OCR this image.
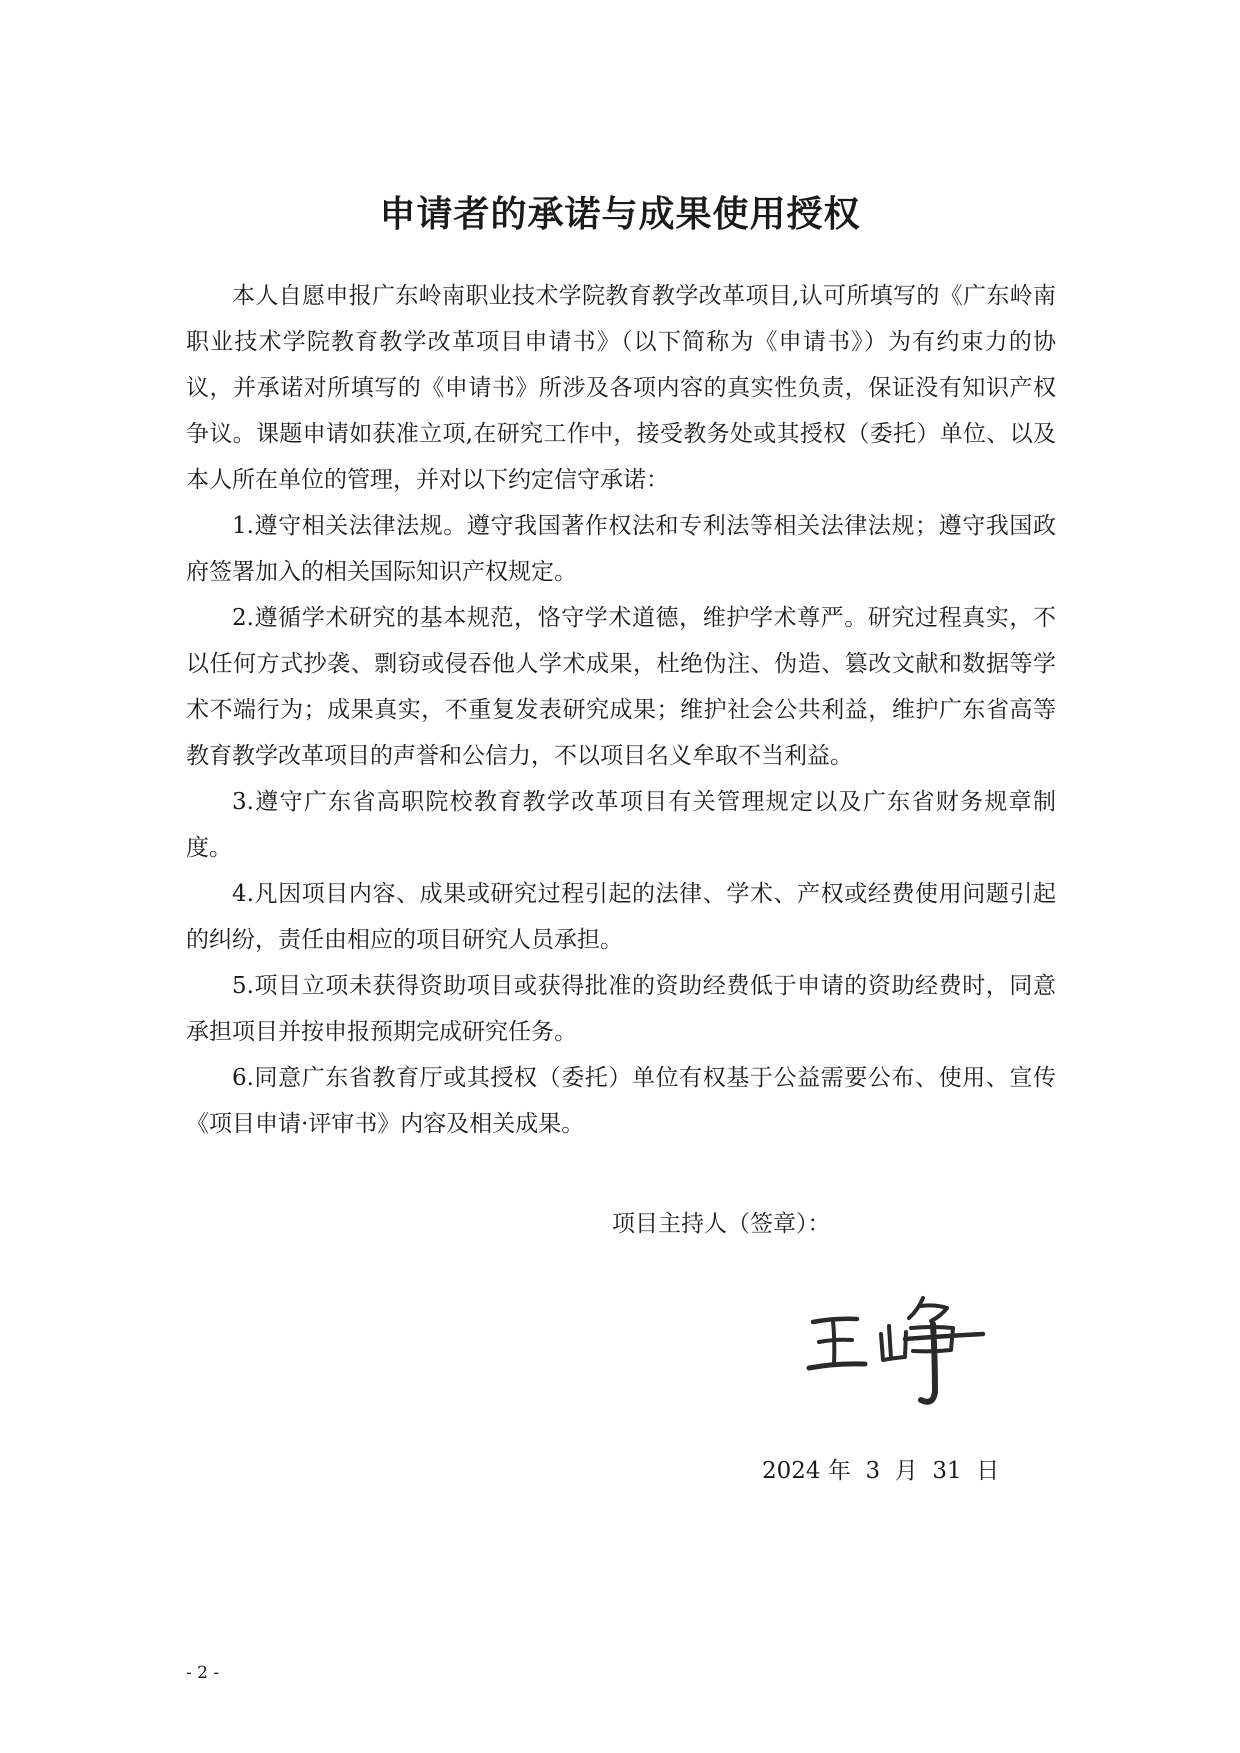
申请者的承诺与成果使用授权

本人自愿申报广东岭南职业技术学院教育教学改革项目,认可所填写的《广东岭南职业技术学院教育教学改革项目申请书》（以下简称为《申请书》）为有约束力的协议，并承诺对所填写的《申请书》所涉及各项内容的真实性负责，保证没有知识产权争议。课题申请如获准立项,在研究工作中，接受教务处或其授权（委托）单位、以及本人所在单位的管理，并对以下约定信守承诺：

1.遵守相关法律法规。遵守我国著作权法和专利法等相关法律法规；遵守我国政府签署加入的相关国际知识产权规定。

2.遵循学术研究的基本规范，恪守学术道德，维护学术尊严。研究过程真实，不以任何方式抄袭、剽窃或侵吞他人学术成果，杜绝伪注、伪造、篡改文献和数据等学术不端行为；成果真实，不重复发表研究成果；维护社会公共利益，维护广东省高等教育教学改革项目的声誉和公信力，不以项目名义牟取不当利益。

3.遵守广东省高职院校教育教学改革项目有关管理规定以及广东省财务规章制度。

4.凡因项目内容、成果或研究过程引起的法律、学术、产权或经费使用问题引起的纠纷，责任由相应的项目研究人员承担。

5.项目立项未获得资助项目或获得批准的资助经费低于申请的资助经费时，同意承担项目并按申报预期完成研究任务。

6.同意广东省教育厅或其授权（委托）单位有权基于公益需要公布、使用、宣传《项目申请·评审书》内容及相关成果。

项目主持人（签章）：
2024 年  3  月  31  日
- 2 -
